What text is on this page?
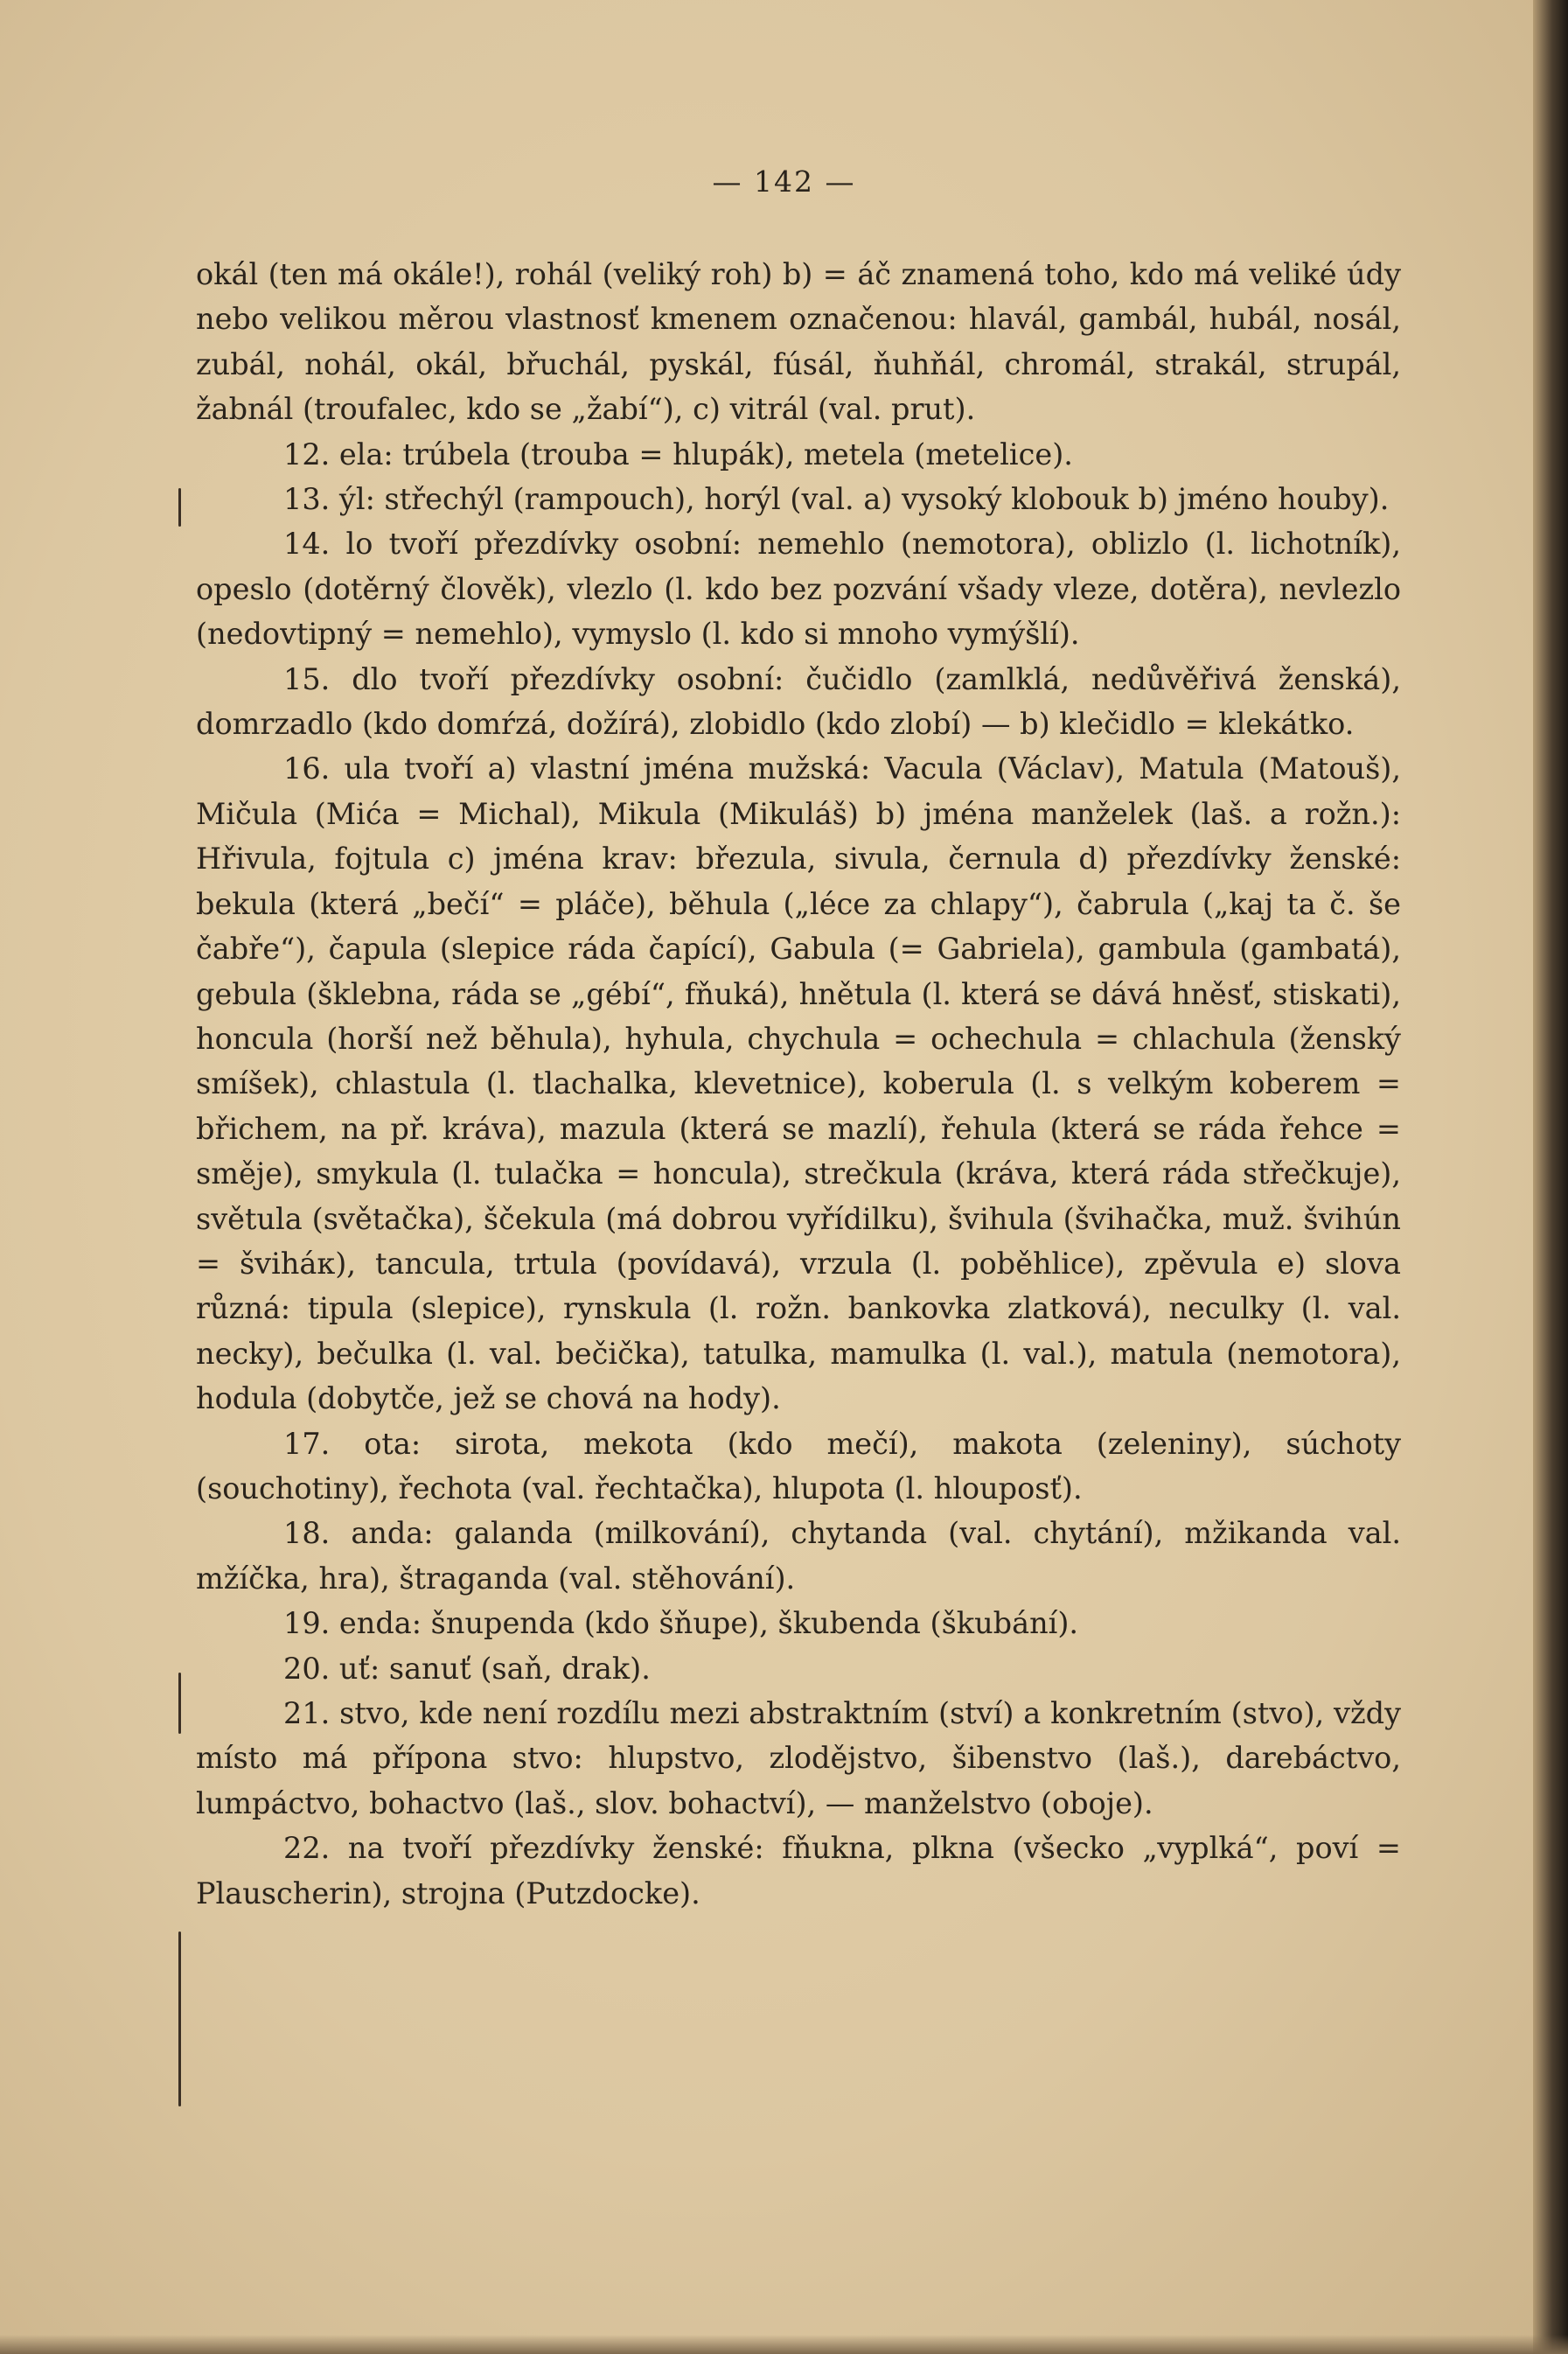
— 142 —

okál (ten má okále!), rohál (veliký roh) b) = áč znamená toho, kdo má veliké údy nebo velikou měrou vlastnosť kmenem označenou: hlavál, gambál, hubál, nosál, zubál, nohál, okál, břuchál, pyskál, fúsál, ňuhňál, chromál, strakál, strupál, žabnál (troufalec, kdo se „žabí“), c) vitrál (val. prut).

12. ela: trúbela (trouba = hlupák), metela (metelice).

13. ýl: střechýl (rampouch), horýl (val. a) vysoký klobouk b) jméno houby).

14. lo tvoří přezdívky osobní: nemehlo (nemotora), oblizlo (l. lichotník), opeslo (dotěrný člověk), vlezlo (l. kdo bez pozvání všady vleze, dotěra), nevlezlo (nedovtipný = nemehlo), vymyslo (l. kdo si mnoho vymýšlí).

15. dlo tvoří přezdívky osobní: čučidlo (zamlklá, nedůvěřivá ženská), domrzadlo (kdo domŕzá, dožírá), zlobidlo (kdo zlobí) — b) klečidlo = klekátko.

16. ula tvoří a) vlastní jména mužská: Vacula (Václav), Matula (Matouš), Mičula (Mića = Michal), Mikula (Mikuláš) b) jména manželek (laš. a rožn.): Hřivula, fojtula c) jména krav: březula, sivula, černula d) přezdívky ženské: bekula (která „bečí“ = pláče), běhula („léce za chlapy“), čabrula („kaj ta č. še čabře“), čapula (slepice ráda čapící), Gabula (= Gabriela), gambula (gambatá), gebula (šklebna, ráda se „gébí“, fňuká), hnětula (l. která se dává hněsť, stiskati), honcula (horší než běhula), hyhula, chychula = ochechula = chlachula (ženský smíšek), chlastula (l. tlachalka, klevetnice), koberula (l. s velkým koberem = břichem, na př. kráva), mazula (která se mazlí), řehula (která se ráda řehce = směje), smykula (l. tulačka = honcula), strečkula (kráva, která ráda střečkuje), světula (světačka), ščekula (má dobrou vyřídilku), švihula (švihačka, muž. švihún = šviháк), tancula, trtula (povídavá), vrzula (l. poběhlice), zpěvula e) slova různá: tipula (slepice), rynskula (l. rožn. bankovka zlatková), neculky (l. val. necky), bečulka (l. val. bečička), tatulka, mamulka (l. val.), matula (nemotora), hodula (dobytče, jež se chová na hody).

17. ota: sirota, mekota (kdo mečí), makota (zeleniny), súchoty (souchotiny), řechota (val. řechtačka), hlupota (l. hlouposť).

18. anda: galanda (milkování), chytanda (val. chytání), mžikanda val. mžíčka, hra), štraganda (val. stěhování).

19. enda: šnupenda (kdo šňupe), škubenda (škubání).

20. uť: sanuť (saň, drak).

21. stvo, kde není rozdílu mezi abstraktním (ství) a konkretním (stvo), vždy místo má přípona stvo: hlupstvo, zlodějstvo, šibenstvo (laš.), darebáctvo, lumpáctvo, bohactvo (laš., slov. bohactví), — manželstvo (oboje).

22. na tvoří přezdívky ženské: fňukna, plkna (všecko „vyplká“, poví = Plauscherin), strojna (Putzdocke).
